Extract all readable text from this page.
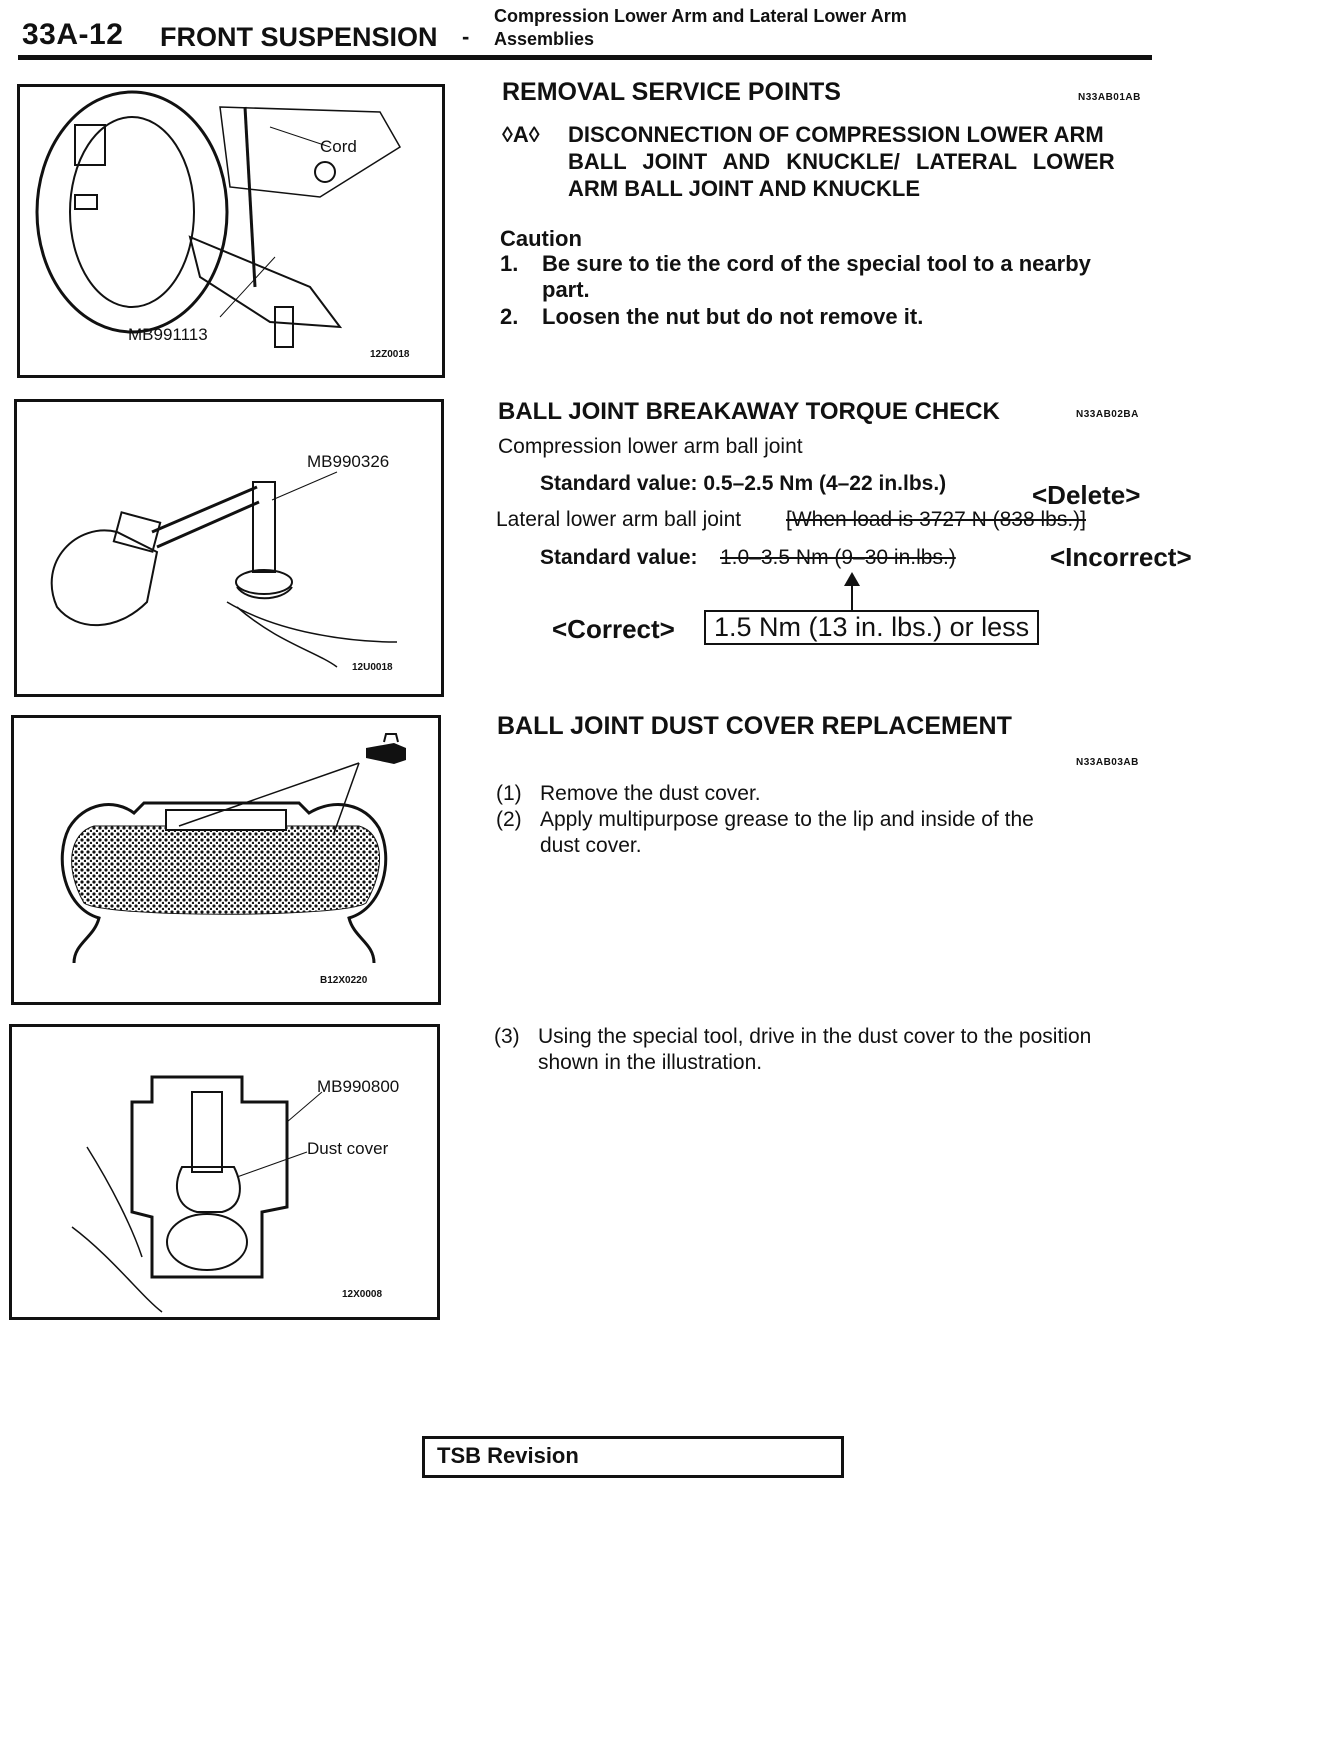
33A-12 FRONT SUSPENSION -
Compression Lower Arm and Lateral Lower Arm
Assemblies
Cord
MB991113
12Z0018
MB990326
12U0018
B12X0220
MB990800
Dust cover
12X0008
REMOVAL SERVICE POINTS	N33AB01AB
◊A◊ DISCONNECTION OF COMPRESSION LOWER ARM
BALL JOINT AND KNUCKLE/ LATERAL LOWER
ARM BALL JOINT AND KNUCKLE
Caution
1. Be sure to tie the cord of the special tool to a nearby
part.
2. Loosen the nut but do not remove it.
BALL JOINT BREAKAWAY TORQUE CHECK	N33AB02BA
Compression lower arm ball joint
Standard value: 0.5–2.5 Nm (4–22 in.lbs.)	<Delete>
Lateral lower arm ball joint [When load is 3727 N (838 lbs.)]
Standard value: 1.0–3.5 Nm (9–30 in.lbs.)	<Incorrect>
<Correct>	1.5 Nm (13 in. lbs.) or less
BALL JOINT DUST COVER REPLACEMENT
N33AB03AB
(1) Remove the dust cover.
(2) Apply multipurpose grease to the lip and inside of the
dust cover.
(3) Using the special tool, drive in the dust cover to the position
shown in the illustration.
TSB Revision
